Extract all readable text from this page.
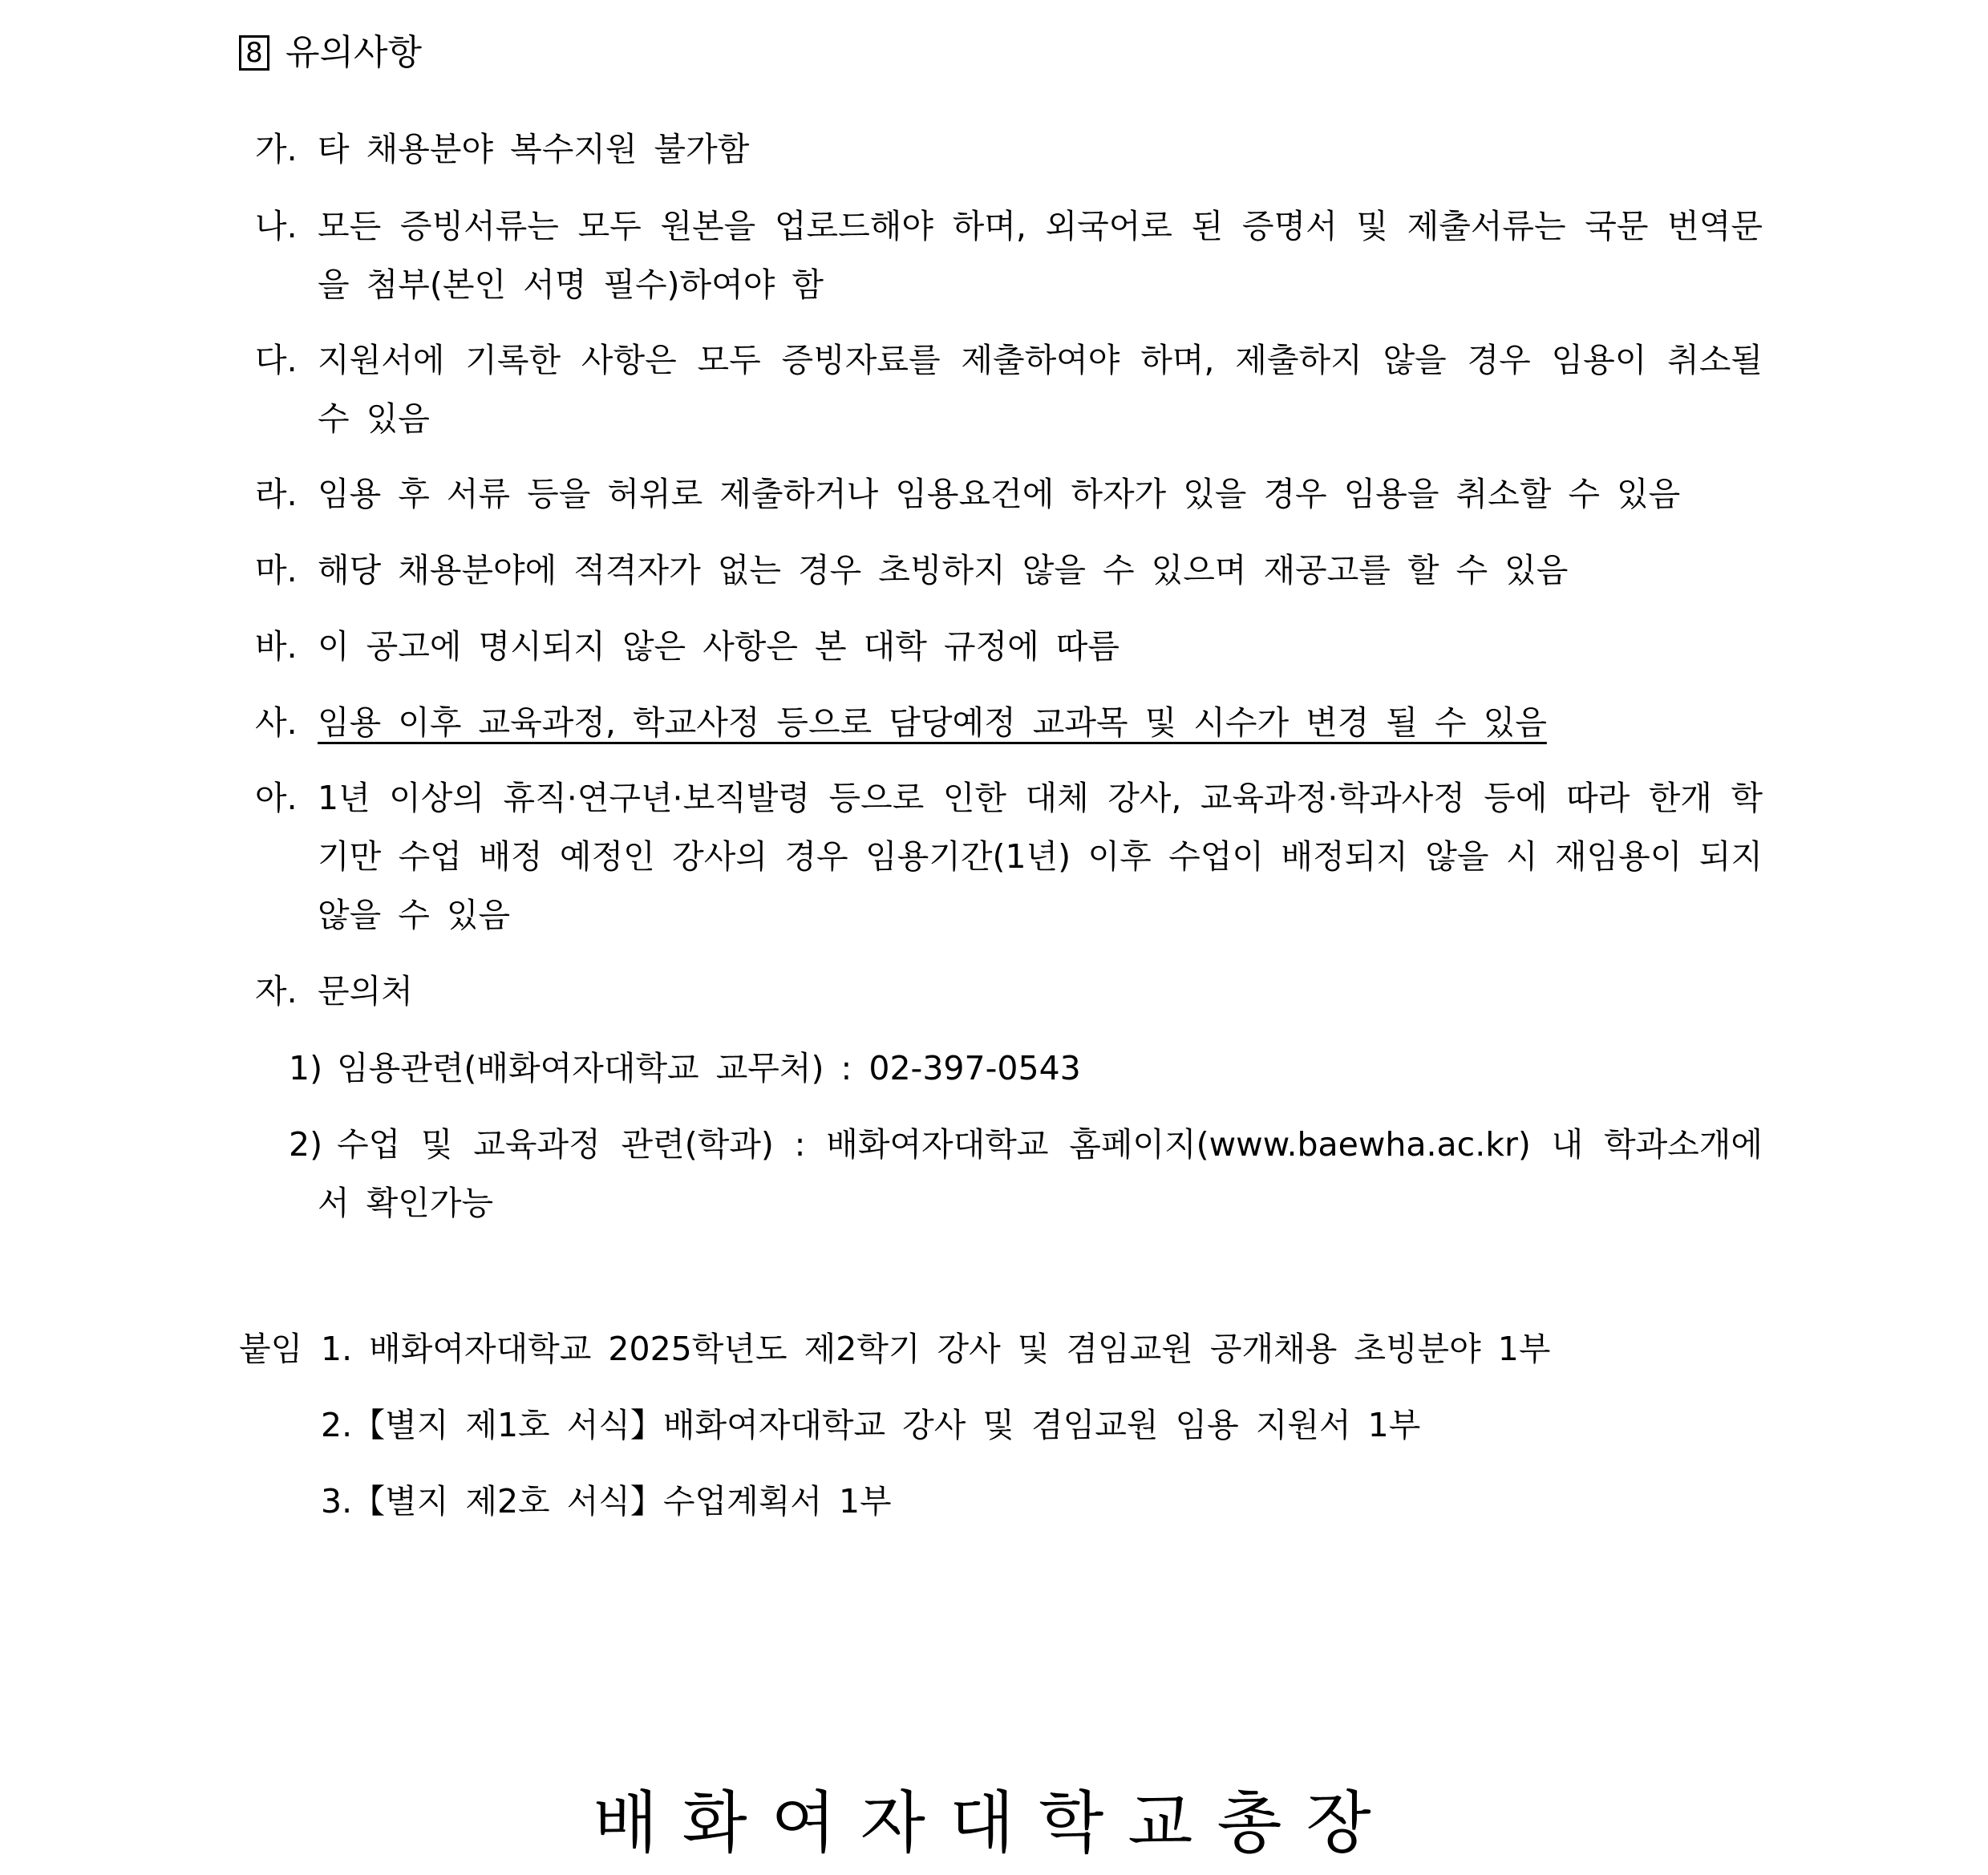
8 유의사항
가. 타 채용분야 복수지원 불가함
나. 모든 증빙서류는 모두 원본을 업로드해야 하며, 외국어로 된 증명서 및 제출서류는 국문 번역문을 첨부(본인 서명 필수)하여야 함
다. 지원서에 기록한 사항은 모두 증빙자료를 제출하여야 하며, 제출하지 않을 경우 임용이 취소될 수 있음
라. 임용 후 서류 등을 허위로 제출하거나 임용요건에 하자가 있을 경우 임용을 취소할 수 있음
마. 해당 채용분야에 적격자가 없는 경우 초빙하지 않을 수 있으며 재공고를 할 수 있음
바. 이 공고에 명시되지 않은 사항은 본 대학 규정에 따름
사. 임용 이후 교육과정, 학교사정 등으로 담당예정 교과목 및 시수가 변경 될 수 있음
아. 1년 이상의 휴직·연구년·보직발령 등으로 인한 대체 강사, 교육과정·학과사정 등에 따라 한개 학기만 수업 배정 예정인 강사의 경우 임용기간(1년) 이후 수업이 배정되지 않을 시 재임용이 되지 않을 수 있음
자. 문의처
1) 임용관련(배화여자대학교 교무처) : 02-397-0543
2) 수업 및 교육과정 관련(학과) : 배화여자대학교 홈페이지(www.baewha.ac.kr) 내 학과소개에서 확인가능
붙임 1. 배화여자대학교 2025학년도 제2학기 강사 및 겸임교원 공개채용 초빙분야 1부
2.【별지 제1호 서식】배화여자대학교 강사 및 겸임교원 임용 지원서 1부
3.【별지 제2호 서식】수업계획서 1부
배화여자대학교총장
